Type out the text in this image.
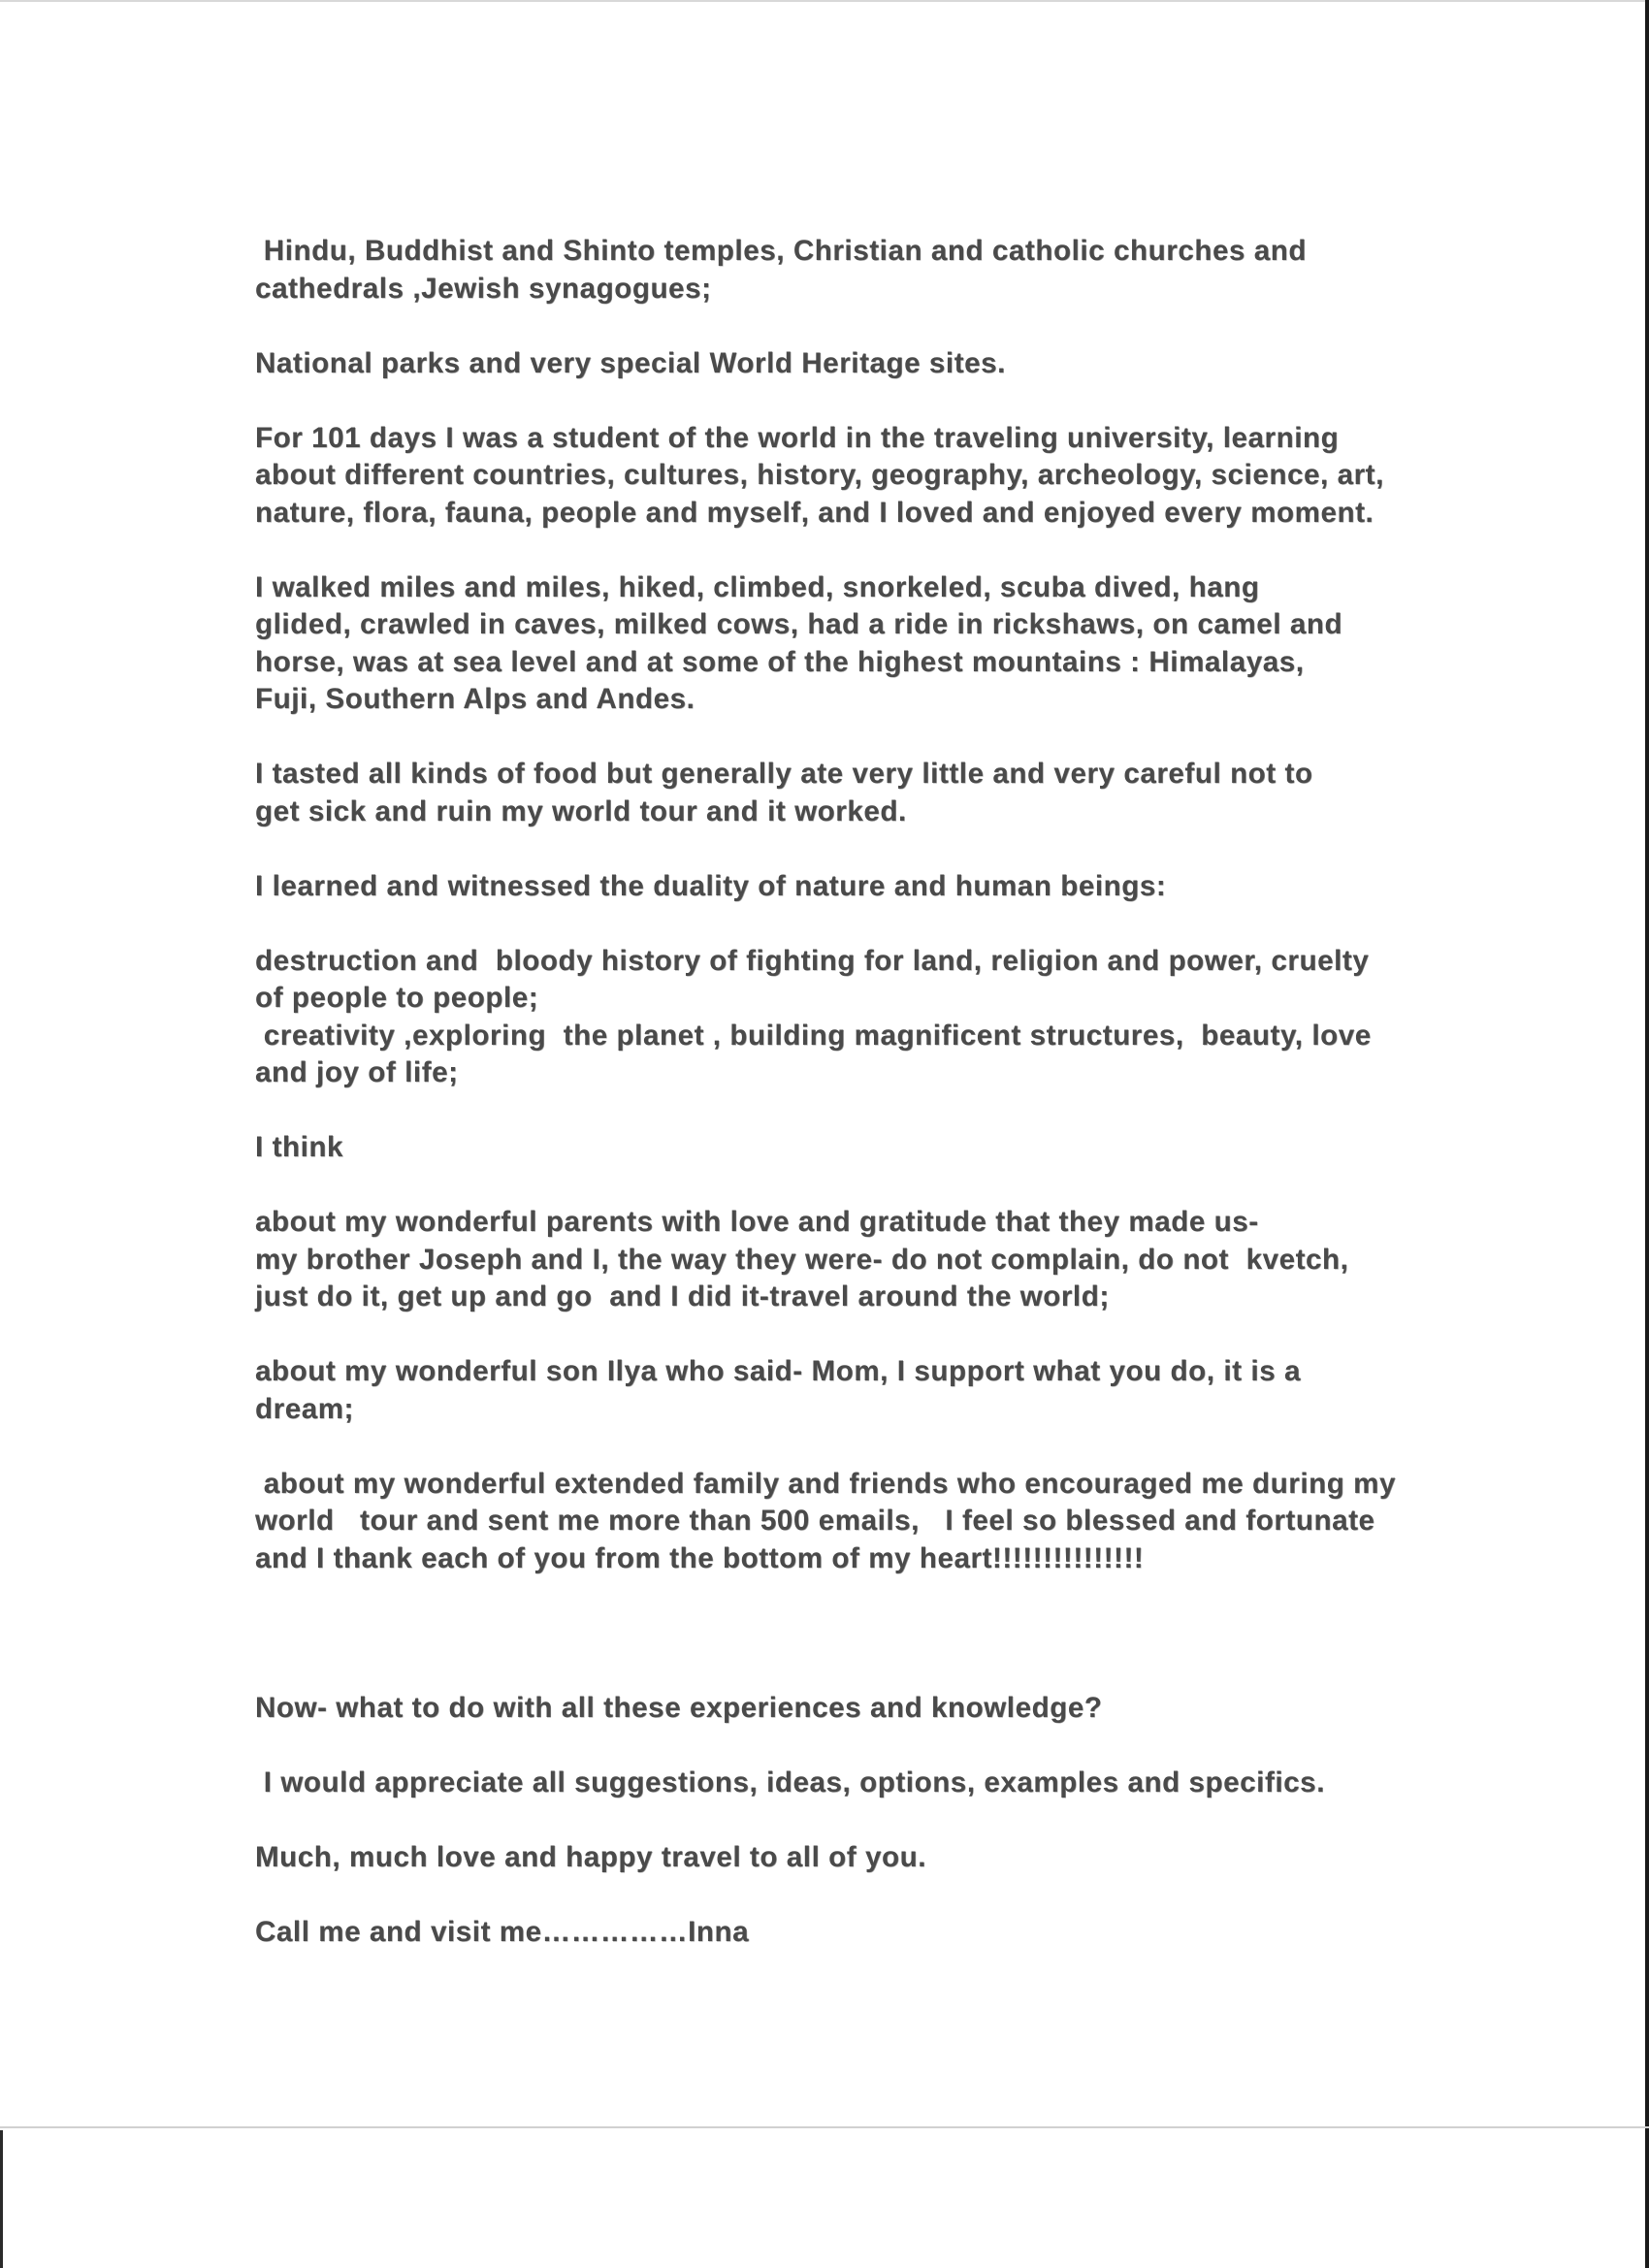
Hindu, Buddhist and Shinto temples, Christian and catholic churches and
cathedrals ,Jewish synagogues;
National parks and very special World Heritage sites.
For 101 days I was a student of the world in the traveling university, learning
about different countries, cultures, history, geography, archeology, science, art,
nature, flora, fauna, people and myself, and I loved and enjoyed every moment.
I walked miles and miles, hiked, climbed, snorkeled, scuba dived, hang
glided, crawled in caves, milked cows, had a ride in rickshaws, on camel and
horse, was at sea level and at some of the highest mountains : Himalayas,
Fuji, Southern Alps and Andes.
I tasted all kinds of food but generally ate very little and very careful not to
get sick and ruin my world tour and it worked.
I learned and witnessed the duality of nature and human beings:
destruction and  bloody history of fighting for land, religion and power, cruelty
of people to people;
creativity ,exploring  the planet , building magnificent structures,  beauty, love
and joy of life;
I think
about my wonderful parents with love and gratitude that they made us-
my brother Joseph and I, the way they were- do not complain, do not  kvetch,
just do it, get up and go  and I did it-travel around the world;
about my wonderful son Ilya who said- Mom, I support what you do, it is a
dream;
about my wonderful extended family and friends who encouraged me during my
world   tour and sent me more than 500 emails,   I feel so blessed and fortunate
and I thank each of you from the bottom of my heart!!!!!!!!!!!!!!!
Now- what to do with all these experiences and knowledge?
I would appreciate all suggestions, ideas, options, examples and specifics.
Much, much love and happy travel to all of you.
Call me and visit me……………Inna
